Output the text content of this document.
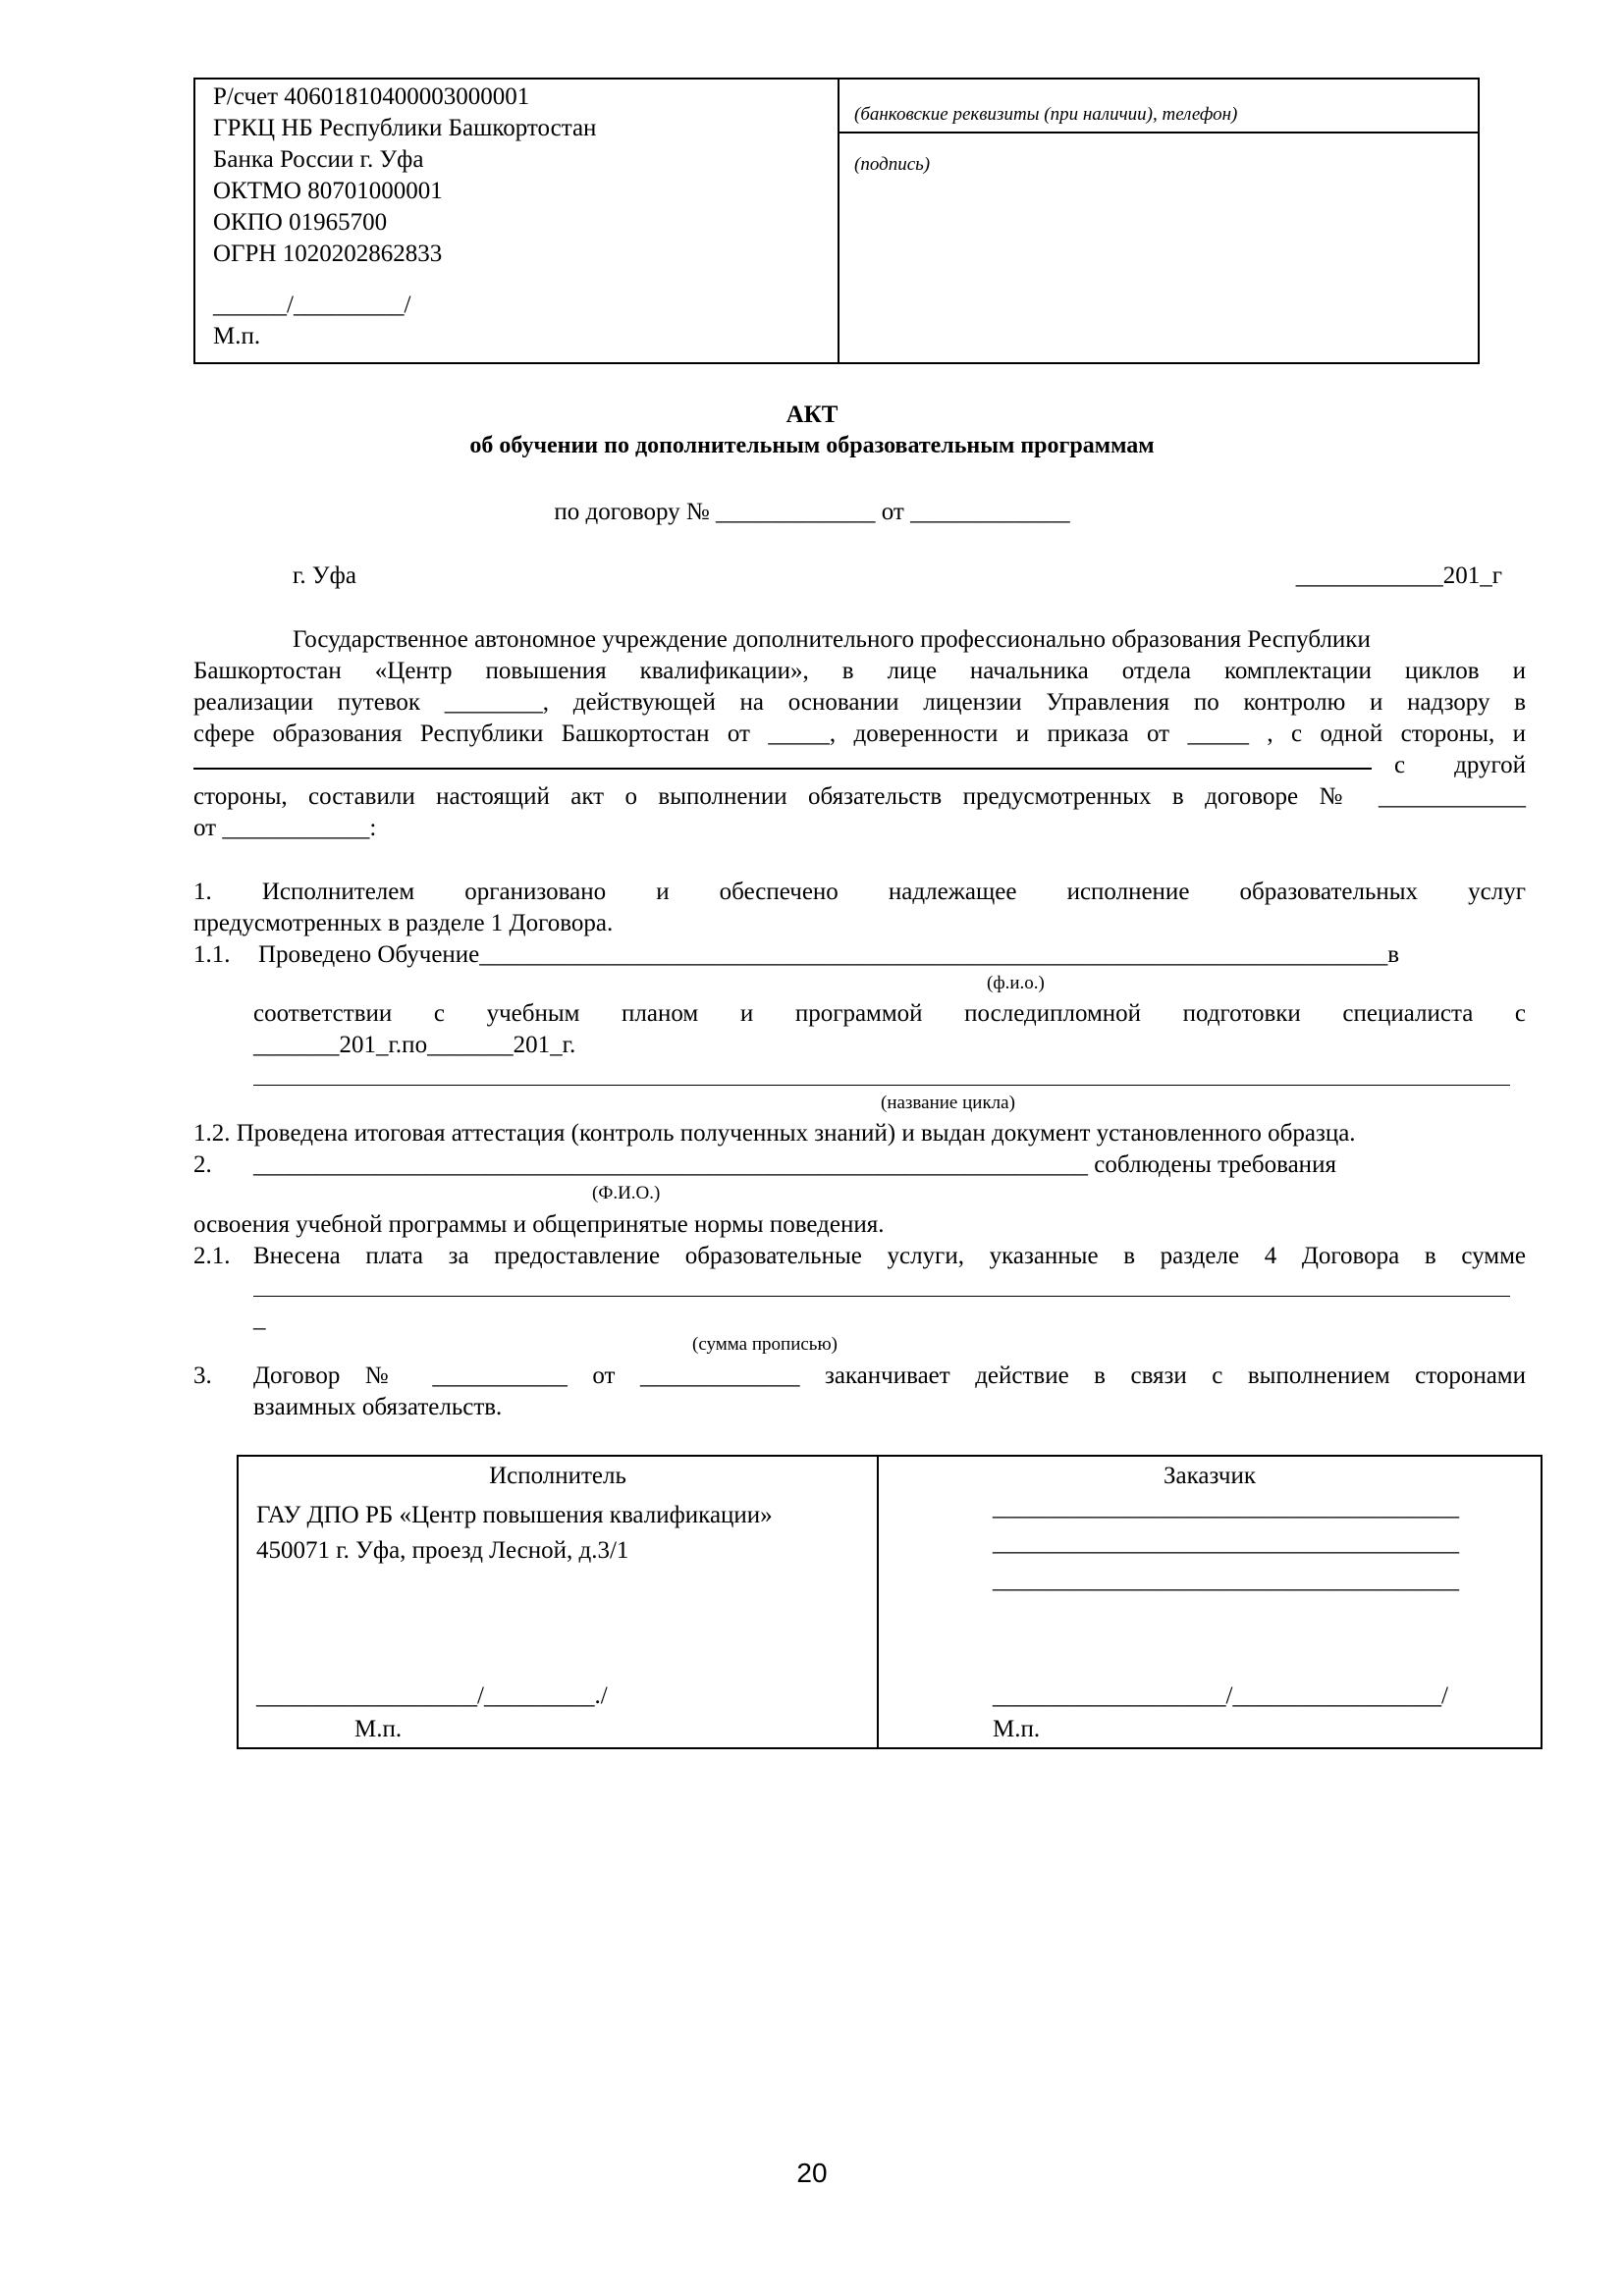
Р/счет 40601810400003000001
ГРКЦ НБ Республики Башкортостан
Банка России г. Уфа
ОКТМО 80701000001
ОКПО 01965700
ОГРН 1020202862833
______/_________/
М.п.
(банковские реквизиты (при наличии), телефон)
(подпись)
АКТ
об обучении по дополнительным образовательным программам
по договору № _____________ от _____________
г. Уфа	____________201_г
Государственное автономное учреждение дополнительного профессионально образования Республики
Башкортостан «Центр повышения квалификации», в лице начальника отдела комплектации циклов и
реализации путевок ________, действующей на основании лицензии Управления по контролю и надзору в
сфере образования Республики Башкортостан от _____, доверенности и приказа от _____ , с одной стороны, и
с другой
стороны, составили настоящий акт о выполнении обязательств предусмотренных в договоре № ____________
от ____________:
1. Исполнителем организовано и обеспечено надлежащее исполнение образовательных услуг
предусмотренных в разделе 1 Договора.
1.1. Проведено Обучение__________________________________________________________________________в
(ф.и.о.)
соответствии с учебным планом и программой последипломной подготовки специалиста с
_______201_г.по_______201_г.
(название цикла)
1.2. Проведена итоговая аттестация (контроль полученных знаний) и выдан документ установленного образца.
2. ____________________________________________________________________ соблюдены требования
(Ф.И.О.)
освоения учебной программы и общепринятые нормы поведения.
2.1. Внесена плата за предоставление образовательные услуги, указанные в разделе 4 Договора в сумме
_
(сумма прописью)
3. Договор № ___________ от _____________ заканчивает действие в связи с выполнением сторонами
взаимных обязательств.
Исполнитель
ГАУ ДПО РБ «Центр повышения квалификации»
450071 г. Уфа, проезд Лесной, д.3/1
__________________/_________./
М.п.
Заказчик
______________________________________
______________________________________
______________________________________
___________________/_________________/
М.п.
20
